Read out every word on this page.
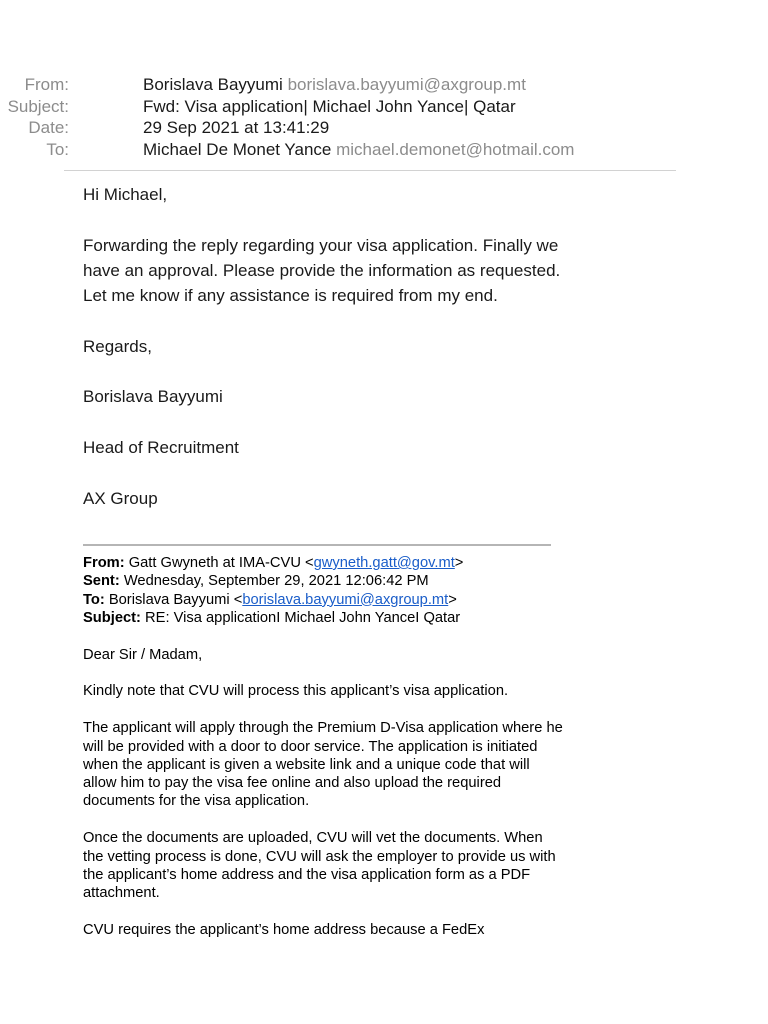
From:	Borislava Bayyumi borislava.bayyumi@axgroup.mt
Subject:	Fwd: Visa application| Michael John Yance| Qatar
Date:	29 Sep 2021 at 13:41:29
To:	Michael De Monet Yance michael.demonet@hotmail.com

Hi Michael,

Forwarding the reply regarding your visa application. Finally we have an approval. Please provide the information as requested. Let me know if any assistance is required from my end.

Regards,

Borislava Bayyumi

Head of Recruitment

AX Group

From: Gatt Gwyneth at IMA-CVU <gwyneth.gatt@gov.mt>

Sent: Wednesday, September 29, 2021 12:06:42 PM

To: Borislava Bayyumi <borislava.bayyumi@axgroup.mt>

Subject: RE: Visa applicationI Michael John YanceI Qatar

Dear Sir / Madam,

Kindly note that CVU will process this applicant’s visa application.

The applicant will apply through the Premium D-Visa application where he will be provided with a door to door service. The application is initiated when the applicant is given a website link and a unique code that will allow him to pay the visa fee online and also upload the required documents for the visa application.

Once the documents are uploaded, CVU will vet the documents. When the vetting process is done, CVU will ask the employer to provide us with the applicant’s home address and the visa application form as a PDF attachment.

CVU requires the applicant’s home address because a FedEx
